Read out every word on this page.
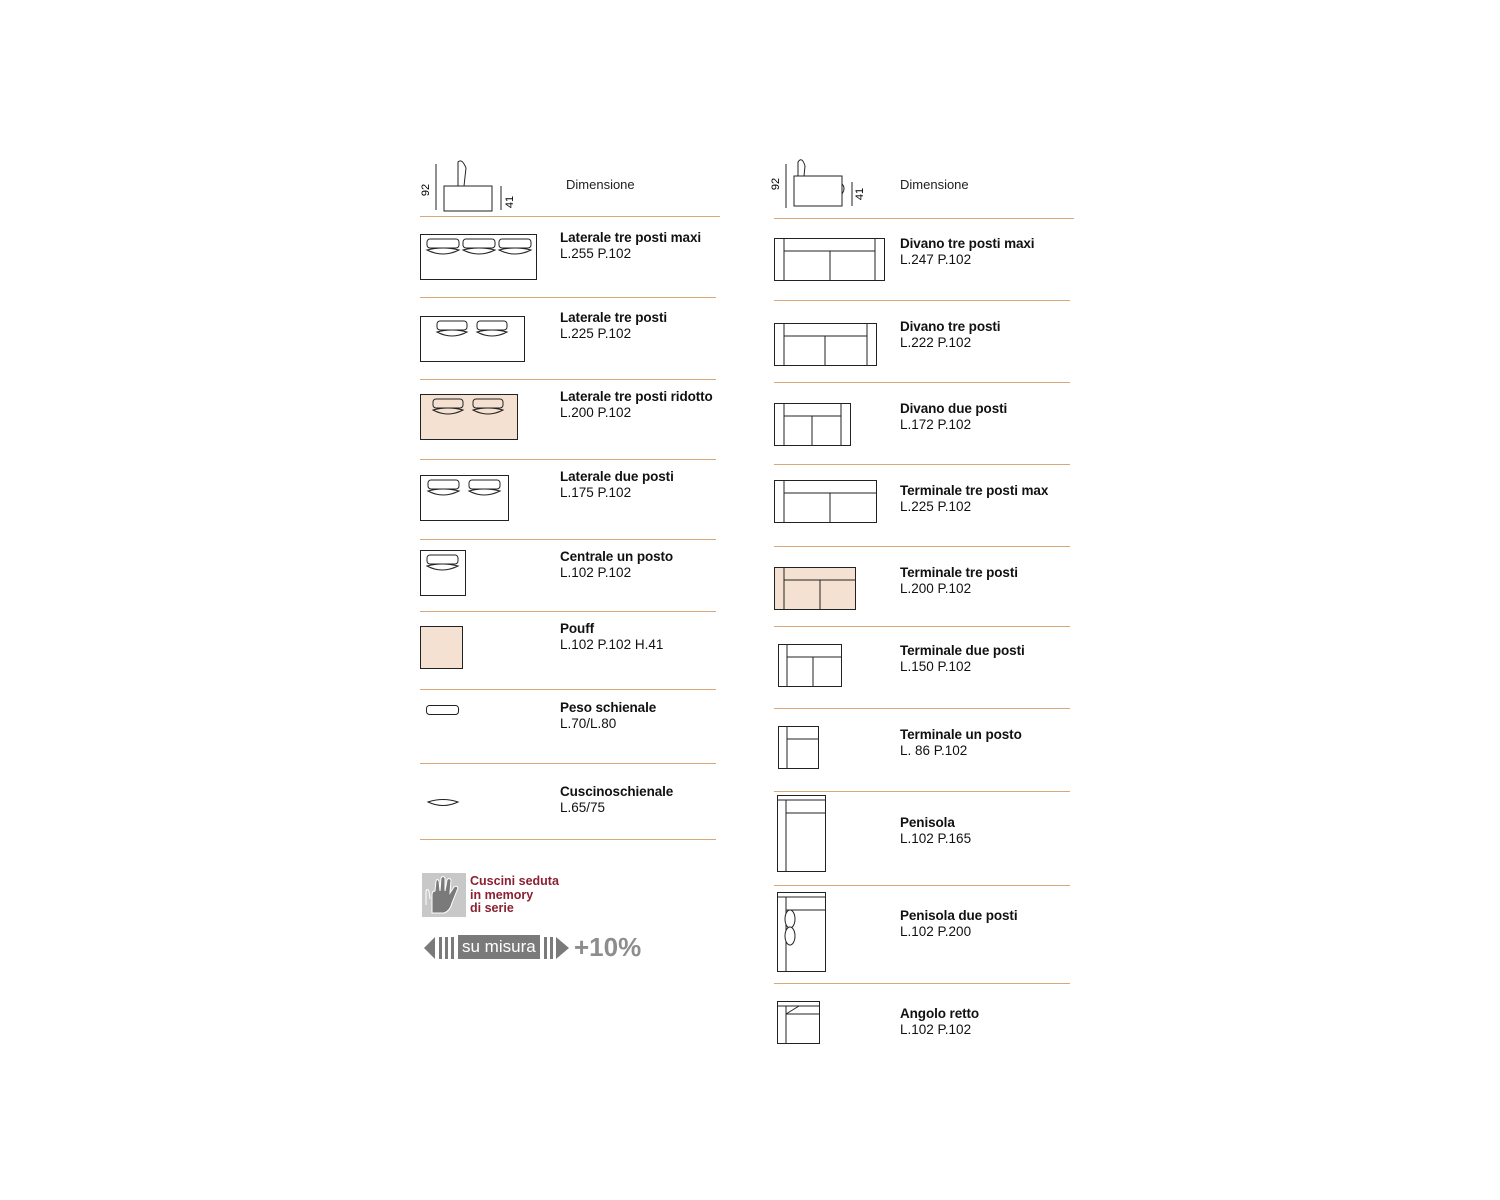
92
41
Dimensione
Laterale tre posti maxi
L.255 P.102
Laterale tre posti
L.225 P.102
Laterale tre posti ridotto
L.200 P.102
Laterale due posti
L.175 P.102
Centrale un posto
L.102 P.102
Pouff
L.102 P.102 H.41
Peso schienale
L.70/L.80
Cuscinoschienale
L.65/75
Cuscini seduta
in memory
di serie
su misura +10%
92
41
Dimensione
Divano tre posti maxi
L.247 P.102
Divano tre posti
L.222 P.102
Divano due posti
L.172 P.102
Terminale tre posti max
L.225 P.102
Terminale tre posti
L.200 P.102
Terminale due posti
L.150 P.102
Terminale un posto
L. 86 P.102
Penisola
L.102 P.165
Penisola due posti
L.102 P.200
Angolo retto
L.102 P.102
